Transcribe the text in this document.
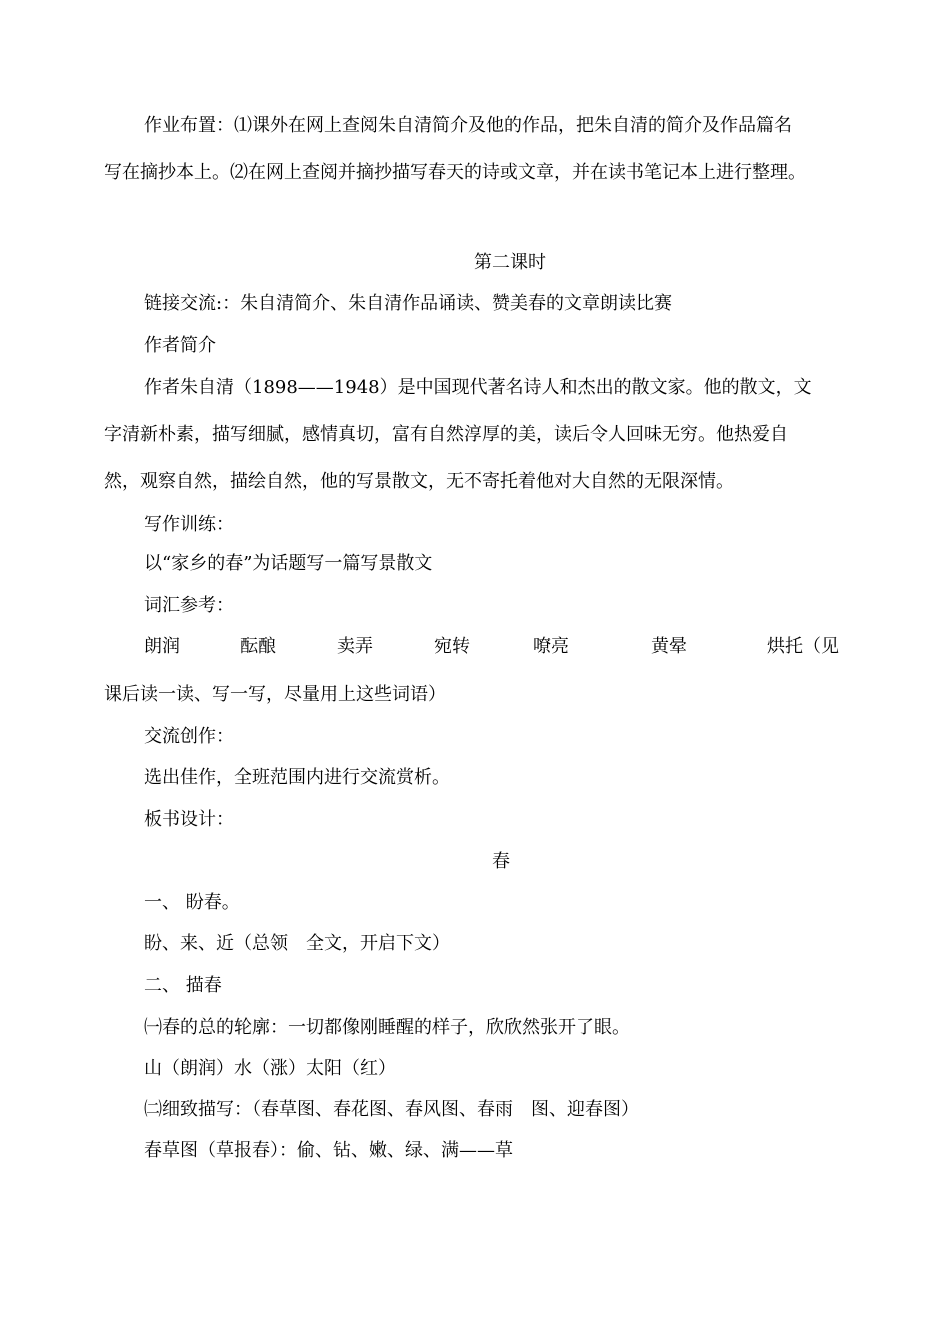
作业布置：⑴课外在网上查阅朱自清简介及他的作品，把朱自清的简介及作品篇名

写在摘抄本上。⑵在网上查阅并摘抄描写春天的诗或文章，并在读书笔记本上进行整理。

第二课时

链接交流:：朱自清简介、朱自清作品诵读、赞美春的文章朗读比赛

作者简介

作者朱自清（1898——1948）是中国现代著名诗人和杰出的散文家。他的散文，文

字清新朴素，描写细腻，感情真切，富有自然淳厚的美，读后令人回味无穷。他热爱自

然，观察自然，描绘自然，他的写景散文，无不寄托着他对大自然的无限深情。

写作训练：

以“家乡的春”为话题写一篇写景散文

词汇参考：

朗润	酝酿	卖弄	宛转	嘹亮	黄晕	烘托（见

课后读一读、写一写，尽量用上这些词语）

交流创作：

选出佳作，全班范围内进行交流赏析。

板书设计：

春

一、 盼春。

盼、来、近（总领　全文，开启下文）

二、 描春

㈠春的总的轮廓：一切都像刚睡醒的样子，欣欣然张开了眼。

山（朗润）水（涨）太阳（红）

㈡细致描写：（春草图、春花图、春风图、春雨　图、迎春图）

春草图（草报春）：偷、钻、嫩、绿、满——草
